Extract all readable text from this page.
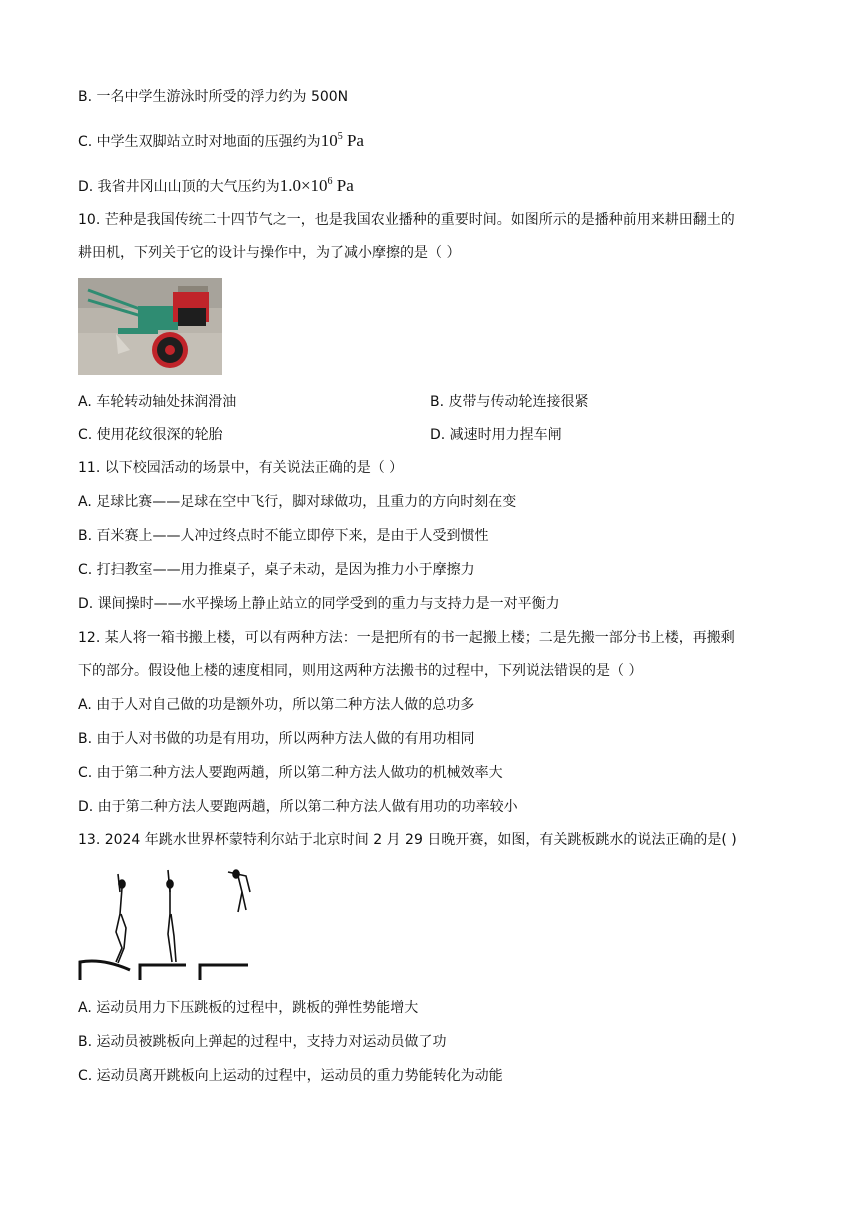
B. 一名中学生游泳时所受的浮力约为 500N
C. 中学生双脚站立时对地面的压强约为$10^5$ Pa
D. 我省井冈山山顶的大气压约为$1.0\times 10^6$ Pa
10. 芒种是我国传统二十四节气之一，也是我国农业播种的重要时间。如图所示的是播种前用来耕田翻土的
耕田机，下列关于它的设计与操作中，为了减小摩擦的是（ ）
A. 车轮转动轴处抹润滑油	B. 皮带与传动轮连接很紧
C. 使用花纹很深的轮胎	D. 减速时用力捏车闸
11. 以下校园活动的场景中，有关说法正确的是（ ）
A. 足球比赛——足球在空中飞行，脚对球做功，且重力的方向时刻在变
B. 百米赛上——人冲过终点时不能立即停下来，是由于人受到惯性
C. 打扫教室——用力推桌子，桌子未动，是因为推力小于摩擦力
D. 课间操时——水平操场上静止站立的同学受到的重力与支持力是一对平衡力
12. 某人将一箱书搬上楼，可以有两种方法：一是把所有的书一起搬上楼；二是先搬一部分书上楼，再搬剩
下的部分。假设他上楼的速度相同，则用这两种方法搬书的过程中，下列说法错误的是（ ）
A. 由于人对自己做的功是额外功，所以第二种方法人做的总功多
B. 由于人对书做的功是有用功，所以两种方法人做的有用功相同
C. 由于第二种方法人要跑两趟，所以第二种方法人做功的机械效率大
D. 由于第二种方法人要跑两趟，所以第二种方法人做有用功的功率较小
13. 2024 年跳水世界杯蒙特利尔站于北京时间 2 月 29 日晚开赛，如图，有关跳板跳水的说法正确的是( )
A. 运动员用力下压跳板的过程中，跳板的弹性势能增大
B. 运动员被跳板向上弹起的过程中，支持力对运动员做了功
C. 运动员离开跳板向上运动的过程中，运动员的重力势能转化为动能
